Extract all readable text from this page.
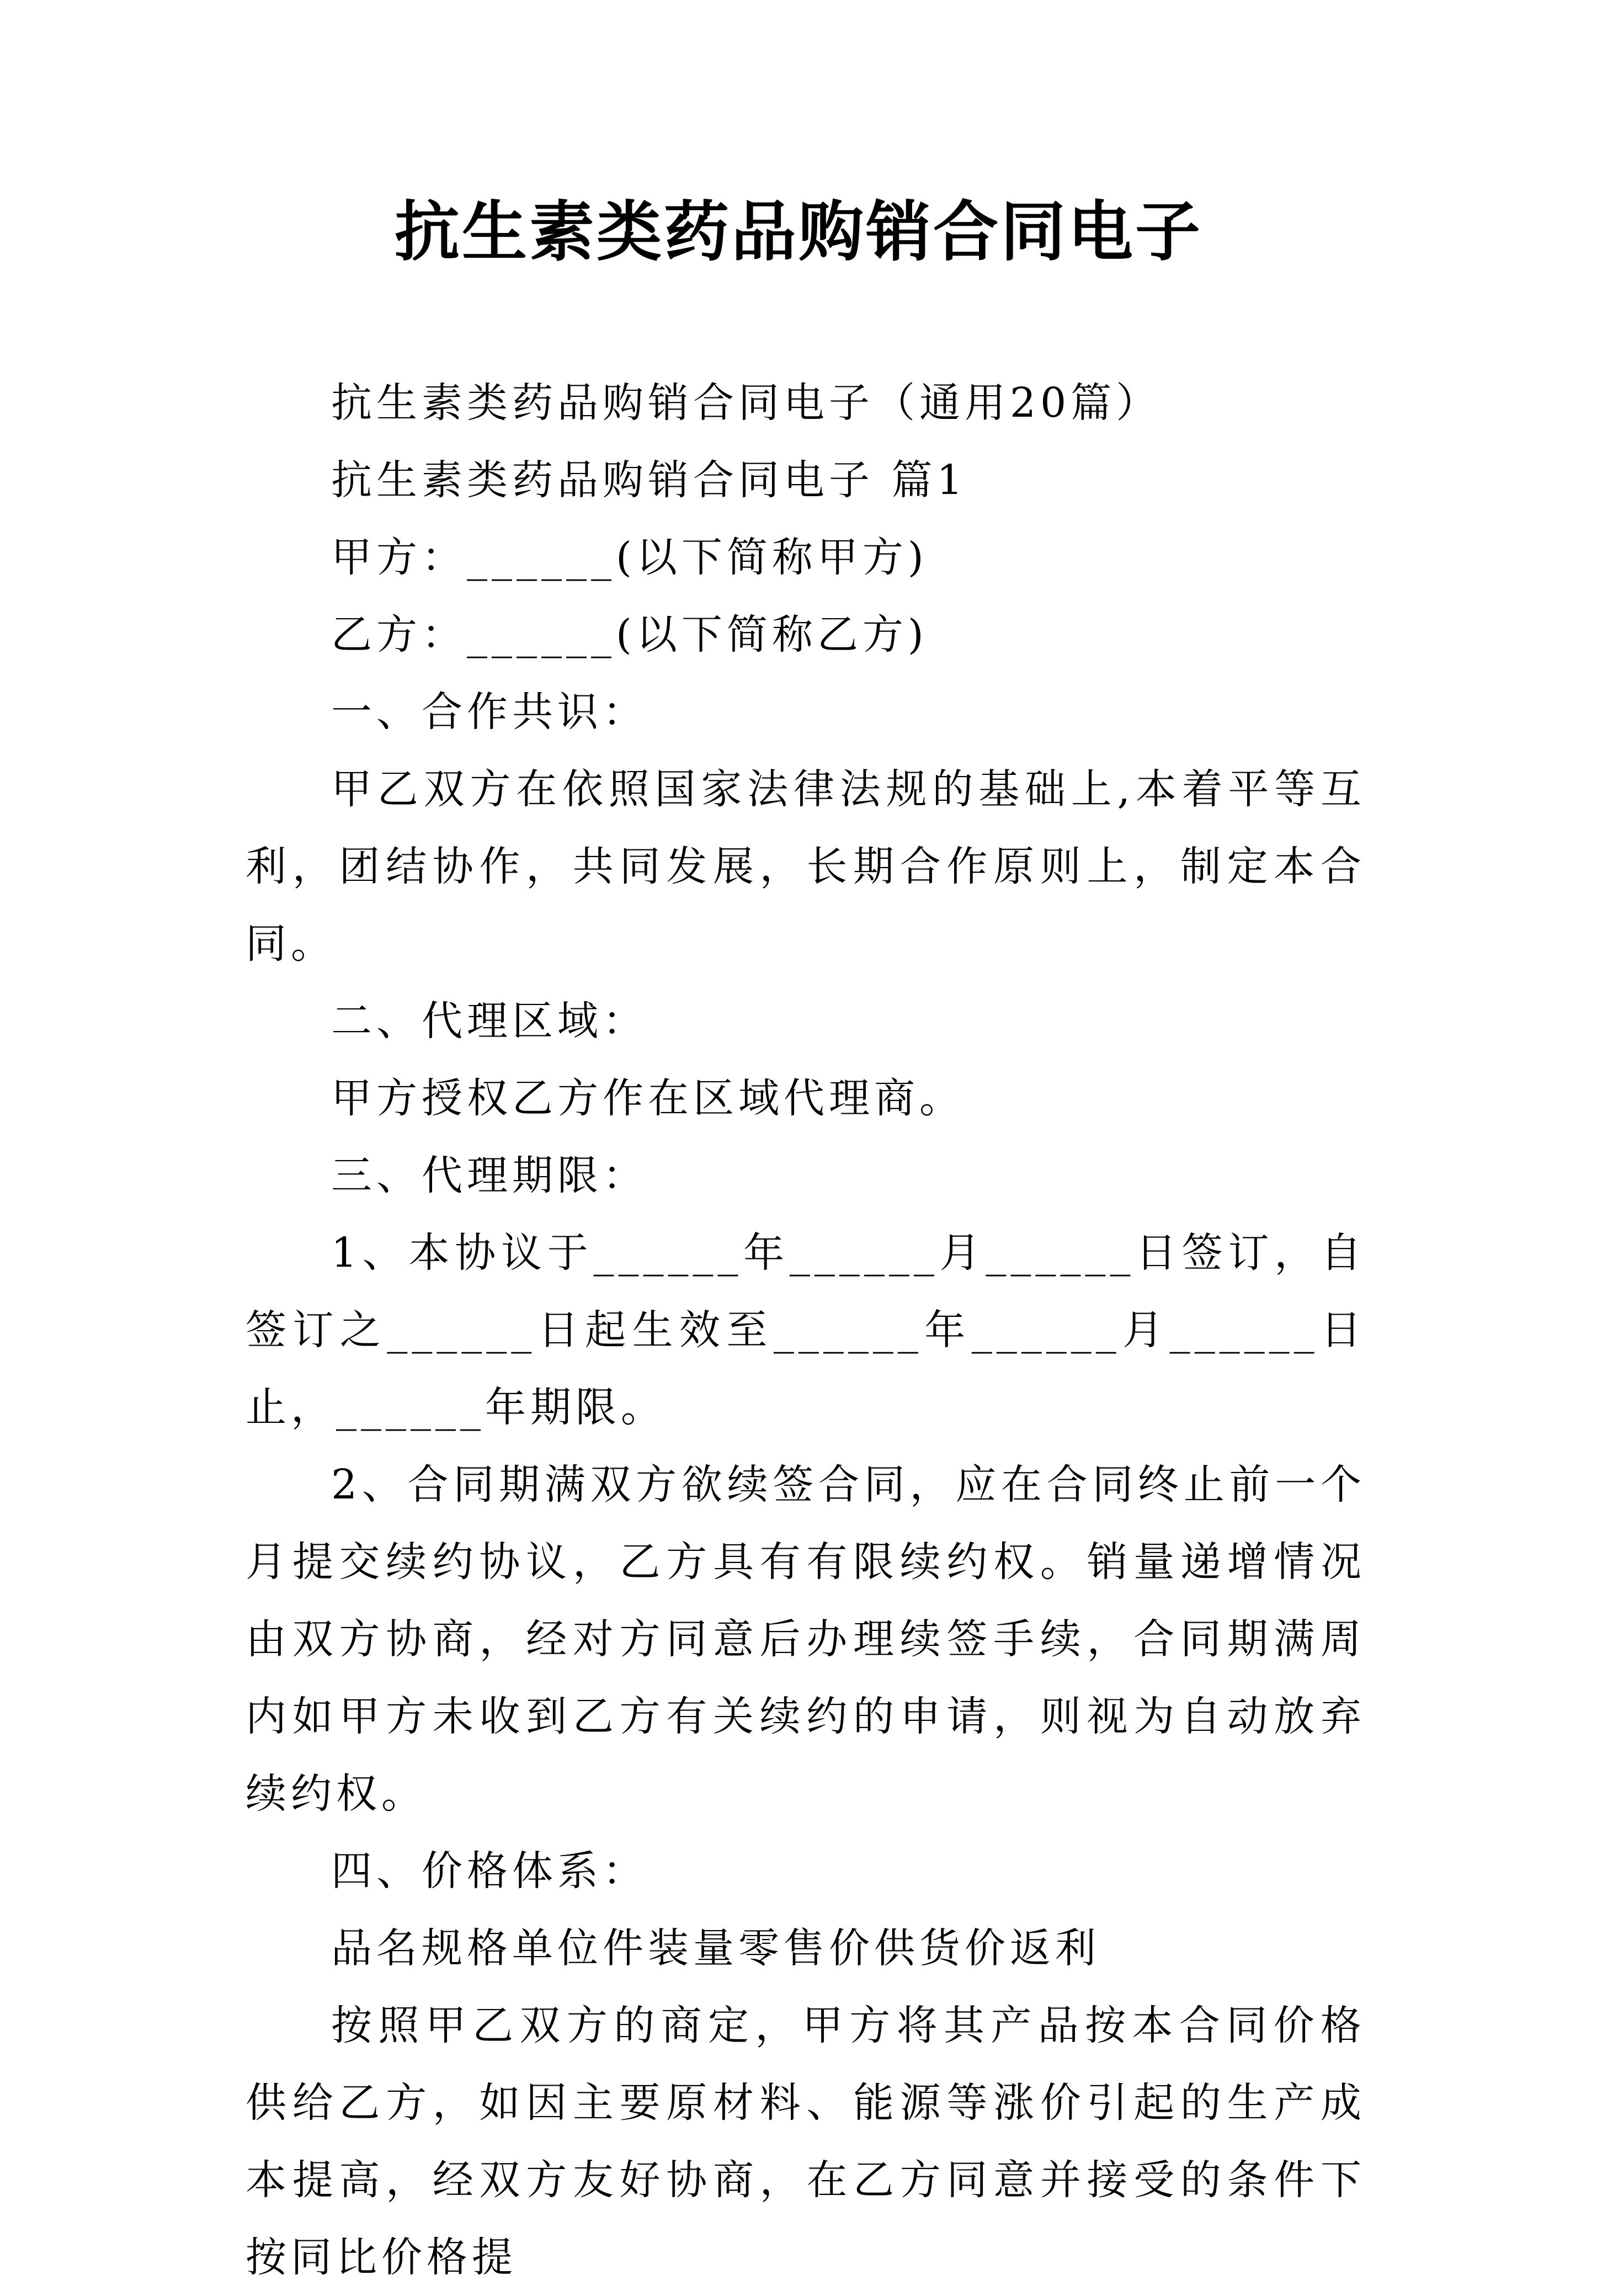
抗生素类药品购销合同电子

抗生素类药品购销合同电子（通用20篇）

抗生素类药品购销合同电子 篇1

甲方：______(以下简称甲方)

乙方：______(以下简称乙方)

一、合作共识：

甲乙双方在依照国家法律法规的基础上,本着平等互利，团结协作，共同发展，长期合作原则上，制定本合同。

二、代理区域：

甲方授权乙方作在区域代理商。

三、代理期限：

1、本协议于______年______月______日签订，自签订之______日起生效至______年______月______日止，______年期限。

2、合同期满双方欲续签合同，应在合同终止前一个月提交续约协议，乙方具有有限续约权。销量递增情况由双方协商，经对方同意后办理续签手续，合同期满周内如甲方未收到乙方有关续约的申请，则视为自动放弃续约权。

四、价格体系：

品名规格单位件装量零售价供货价返利

按照甲乙双方的商定，甲方将其产品按本合同价格供给乙方，如因主要原材料、能源等涨价引起的生产成本提高，经双方友好协商，在乙方同意并接受的条件下按同比价格提
